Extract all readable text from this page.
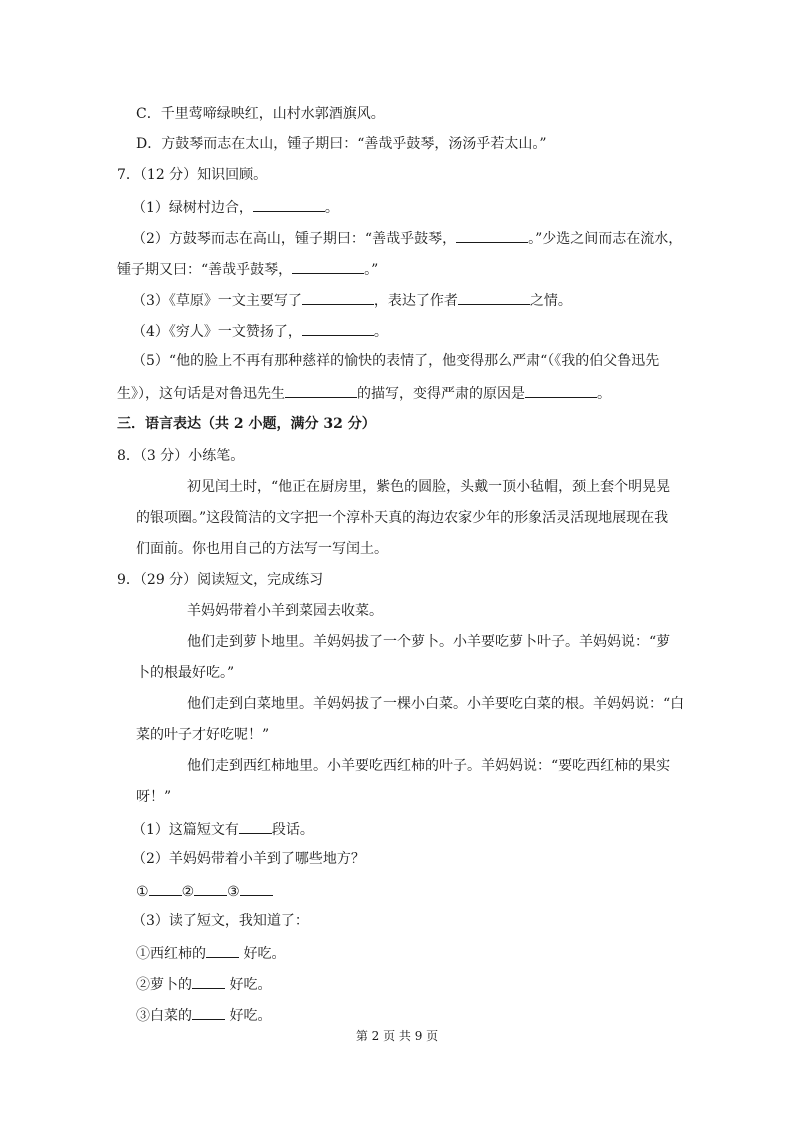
C．千里莺啼绿映红，山村水郭酒旗风。
D．方鼓琴而志在太山，锺子期曰：“善哉乎鼓琴，汤汤乎若太山。”
7．（12 分）知识回顾。
（1）绿树村边合，	。
（2）方鼓琴而志在高山，锺子期曰：“善哉乎鼓琴，	。”少选之间而志在流水，
锺子期又曰：“善哉乎鼓琴，	。”
（3）《草原》一文主要写了	，表达了作者	之情。
（4）《穷人》一文赞扬了，	。
（5）“他的脸上不再有那种慈祥的愉快的表情了，他变得那么严肃“（《我的伯父鲁迅先
生》），这句话是对鲁迅先生	的描写，变得严肃的原因是	。
三．语言表达（共 2 小题，满分 32 分）
8．（3 分）小练笔。
初见闰土时，“他正在厨房里，紫色的圆脸，头戴一顶小毡帽，颈上套个明晃晃
的银项圈。”这段简洁的文字把一个淳朴天真的海边农家少年的形象活灵活现地展现在我
们面前。你也用自己的方法写一写闰土。
9．（29 分）阅读短文，完成练习
羊妈妈带着小羊到菜园去收菜。
他们走到萝卜地里。羊妈妈拔了一个萝卜。小羊要吃萝卜叶子。羊妈妈说：“萝
卜的根最好吃。”
他们走到白菜地里。羊妈妈拔了一棵小白菜。小羊要吃白菜的根。羊妈妈说：“白
菜的叶子才好吃呢！”
他们走到西红柿地里。小羊要吃西红柿的叶子。羊妈妈说：“要吃西红柿的果实
呀！”
（1）这篇短文有 段话。
（2）羊妈妈带着小羊到了哪些地方？
① ② ③
（3）读了短文，我知道了：
①西红柿的 好吃。
②萝卜的 好吃。
③白菜的 好吃。
第 2 页 共 9 页
